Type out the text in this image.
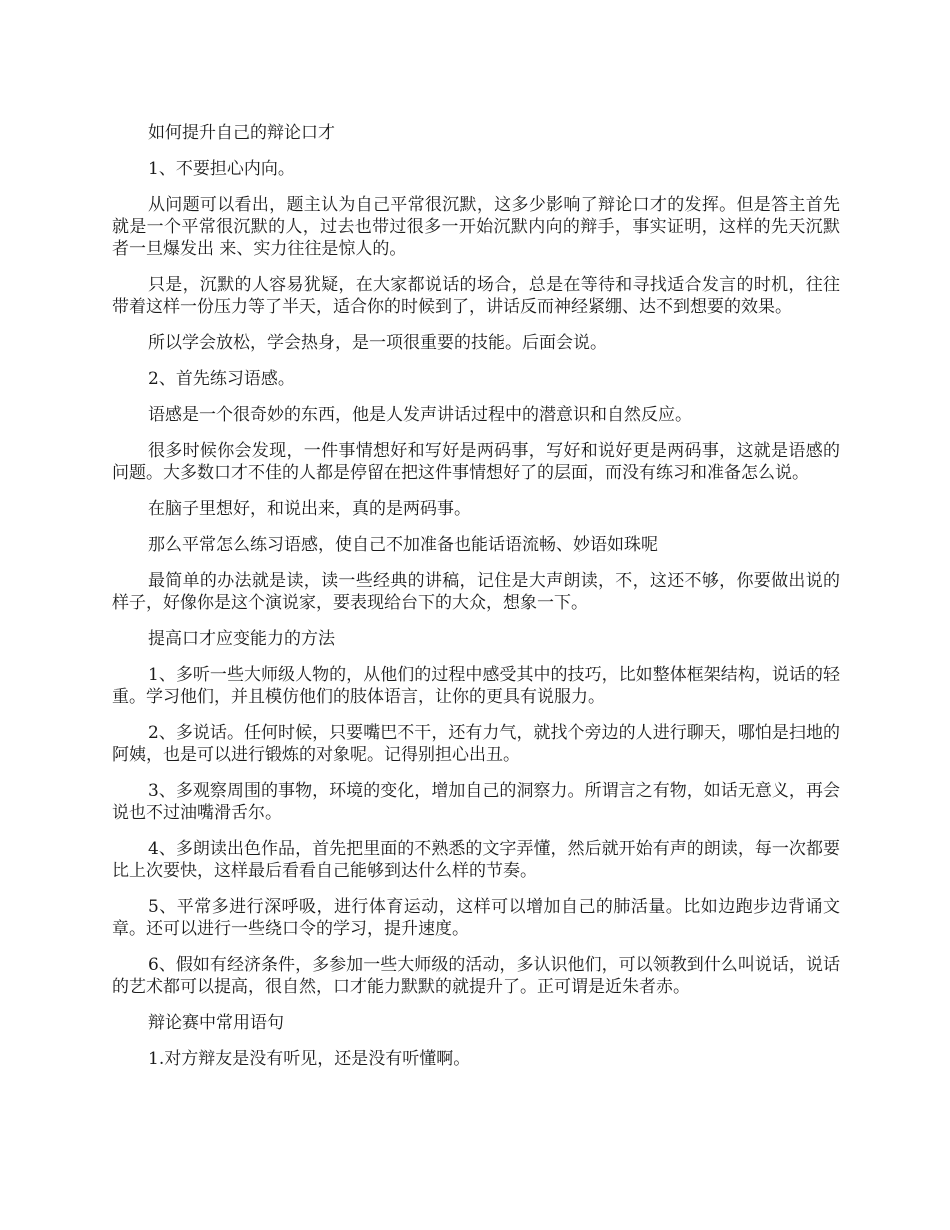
如何提升自己的辩论口才

1、不要担心内向。

从问题可以看出，题主认为自己平常很沉默，这多少影响了辩论口才的发挥。但是答主首先就是一个平常很沉默的人，过去也带过很多一开始沉默内向的辩手，事实证明，这样的先天沉默者一旦爆发出 来、实力往往是惊人的。

只是，沉默的人容易犹疑，在大家都说话的场合，总是在等待和寻找适合发言的时机，往往带着这样一份压力等了半天，适合你的时候到了，讲话反而神经紧绷、达不到想要的效果。

所以学会放松，学会热身，是一项很重要的技能。后面会说。

2、首先练习语感。

语感是一个很奇妙的东西，他是人发声讲话过程中的潜意识和自然反应。

很多时候你会发现，一件事情想好和写好是两码事，写好和说好更是两码事，这就是语感的问题。大多数口才不佳的人都是停留在把这件事情想好了的层面，而没有练习和准备怎么说。

在脑子里想好，和说出来，真的是两码事。

那么平常怎么练习语感，使自己不加准备也能话语流畅、妙语如珠呢

最简单的办法就是读，读一些经典的讲稿，记住是大声朗读，不，这还不够，你要做出说的样子，好像你是这个演说家，要表现给台下的大众，想象一下。

提高口才应变能力的方法

1、多听一些大师级人物的，从他们的过程中感受其中的技巧，比如整体框架结构，说话的轻重。学习他们，并且模仿他们的肢体语言，让你的更具有说服力。

2、多说话。任何时候，只要嘴巴不干，还有力气，就找个旁边的人进行聊天，哪怕是扫地的阿姨，也是可以进行锻炼的对象呢。记得别担心出丑。

3、多观察周围的事物，环境的变化，增加自己的洞察力。所谓言之有物，如话无意义，再会说也不过油嘴滑舌尔。

4、多朗读出色作品，首先把里面的不熟悉的文字弄懂，然后就开始有声的朗读，每一次都要比上次要快，这样最后看看自己能够到达什么样的节奏。

5、平常多进行深呼吸，进行体育运动，这样可以增加自己的肺活量。比如边跑步边背诵文章。还可以进行一些绕口令的学习，提升速度。

6、假如有经济条件，多参加一些大师级的活动，多认识他们，可以领教到什么叫说话，说话的艺术都可以提高，很自然，口才能力默默的就提升了。正可谓是近朱者赤。

辩论赛中常用语句

1.对方辩友是没有听见，还是没有听懂啊。
